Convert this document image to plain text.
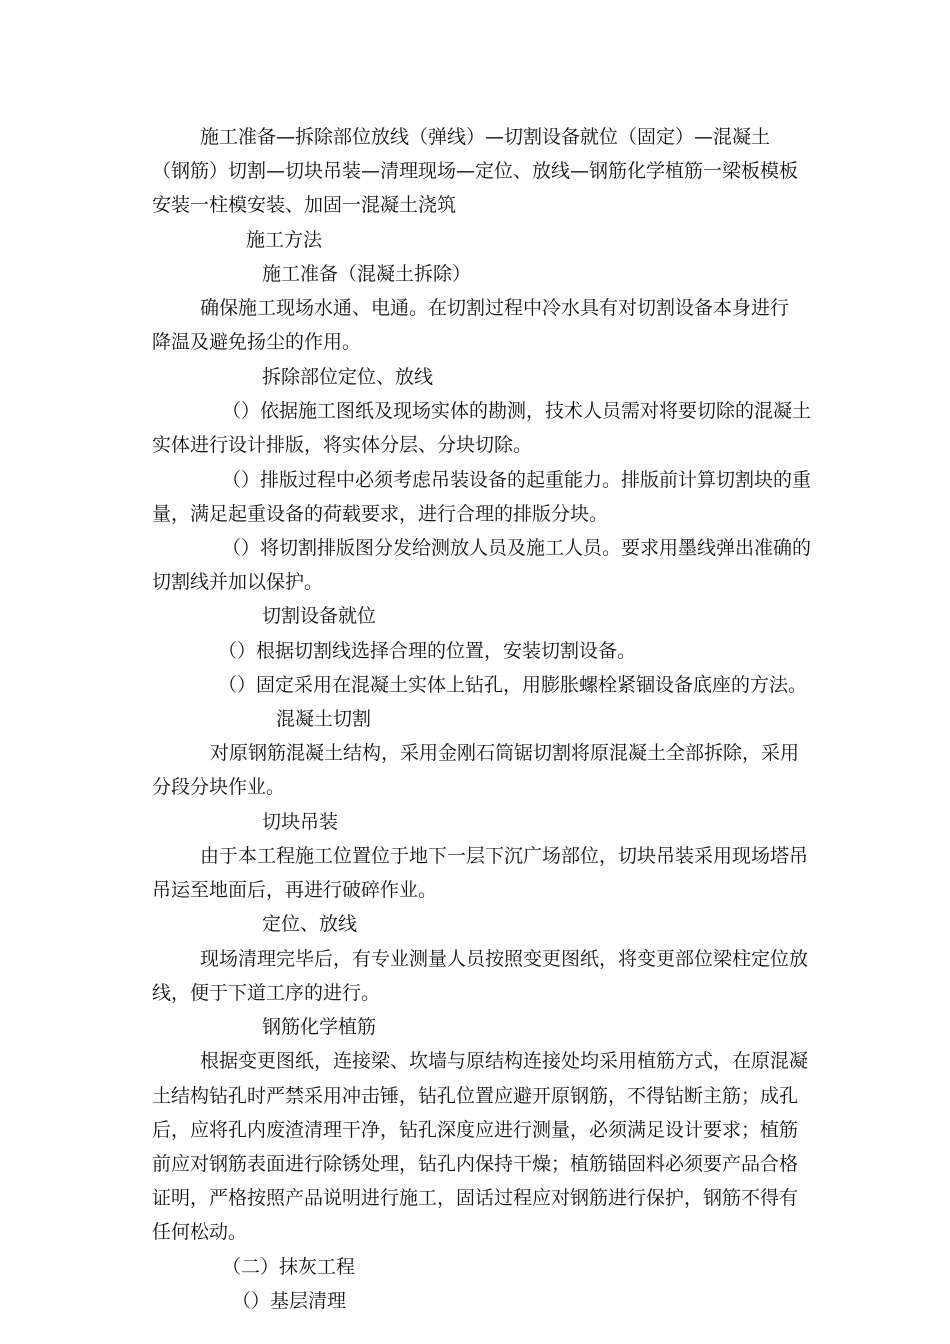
施工准备—拆除部位放线（弹线）—切割设备就位（固定）—混凝土
（钢筋）切割—切块吊装—清理现场—定位、放线—钢筋化学植筋一梁板模板
安装一柱模安装、加固一混凝土浇筑
施工方法
施工准备（混凝土拆除）
确保施工现场水通、电通。在切割过程中冷水具有对切割设备本身进行
降温及避免扬尘的作用。
拆除部位定位、放线
（）依据施工图纸及现场实体的勘测，技术人员需对将要切除的混凝土
实体进行设计排版，将实体分层、分块切除。
（）排版过程中必须考虑吊装设备的起重能力。排版前计算切割块的重
量，满足起重设备的荷载要求，进行合理的排版分块。
（）将切割排版图分发给测放人员及施工人员。要求用墨线弹出准确的
切割线并加以保护。
切割设备就位
（）根据切割线选择合理的位置，安装切割设备。
（）固定采用在混凝土实体上钻孔，用膨胀螺栓紧锢设备底座的方法。
混凝土切割
对原钢筋混凝土结构，采用金刚石筒锯切割将原混凝土全部拆除，采用
分段分块作业。
切块吊装
由于本工程施工位置位于地下一层下沉广场部位，切块吊装采用现场塔吊
吊运至地面后，再进行破碎作业。
定位、放线
现场清理完毕后，有专业测量人员按照变更图纸，将变更部位梁柱定位放
线，便于下道工序的进行。
钢筋化学植筋
根据变更图纸，连接梁、坎墙与原结构连接处均采用植筋方式，在原混凝
土结构钻孔时严禁采用冲击锤，钻孔位置应避开原钢筋，不得钻断主筋；成孔
后，应将孔内废渣清理干净，钻孔深度应进行测量，必须满足设计要求；植筋
前应对钢筋表面进行除锈处理，钻孔内保持干燥；植筋锚固料必须要产品合格
证明，严格按照产品说明进行施工，固话过程应对钢筋进行保护，钢筋不得有
任何松动。
（二）抹灰工程
（）基层清理
